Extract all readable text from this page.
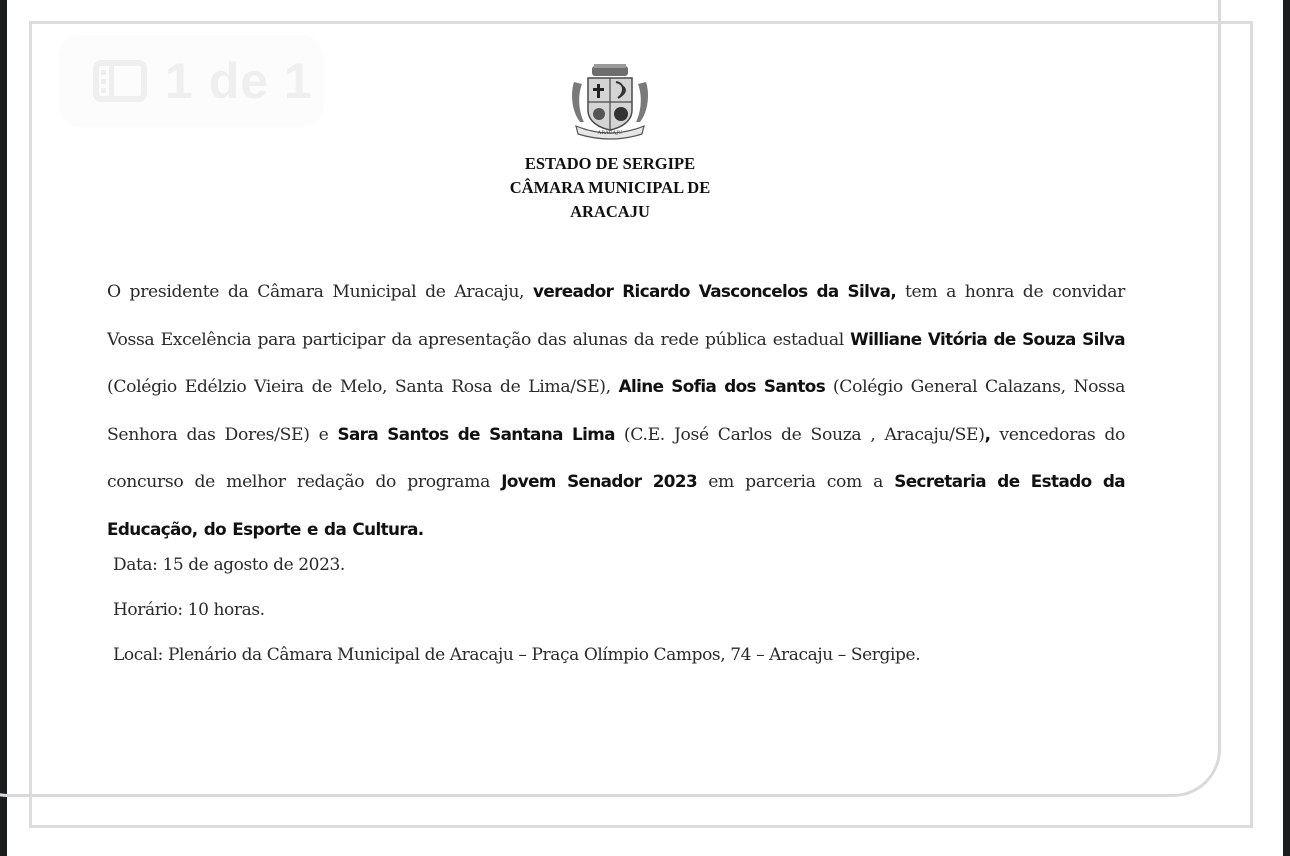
1 de 1
ARACAJU
ESTADO DE SERGIPE
CÂMARA MUNICIPAL DE
ARACAJU
O presidente da Câmara Municipal de Aracaju, vereador Ricardo Vasconcelos da Silva, tem a honra de convidar Vossa Excelência para participar da apresentação das alunas da rede pública estadual Williane Vitória de Souza Silva (Colégio Edélzio Vieira de Melo, Santa Rosa de Lima/SE), Aline Sofia dos Santos (Colégio General Calazans, Nossa Senhora das Dores/SE) e Sara Santos de Santana Lima (C.E. José Carlos de Souza , Aracaju/SE), vencedoras do concurso de melhor redação do programa Jovem Senador 2023 em parceria com a Secretaria de Estado da Educação, do Esporte e da Cultura.
Data: 15 de agosto de 2023.
Horário: 10 horas.
Local: Plenário da Câmara Municipal de Aracaju – Praça Olímpio Campos, 74 – Aracaju – Sergipe.
